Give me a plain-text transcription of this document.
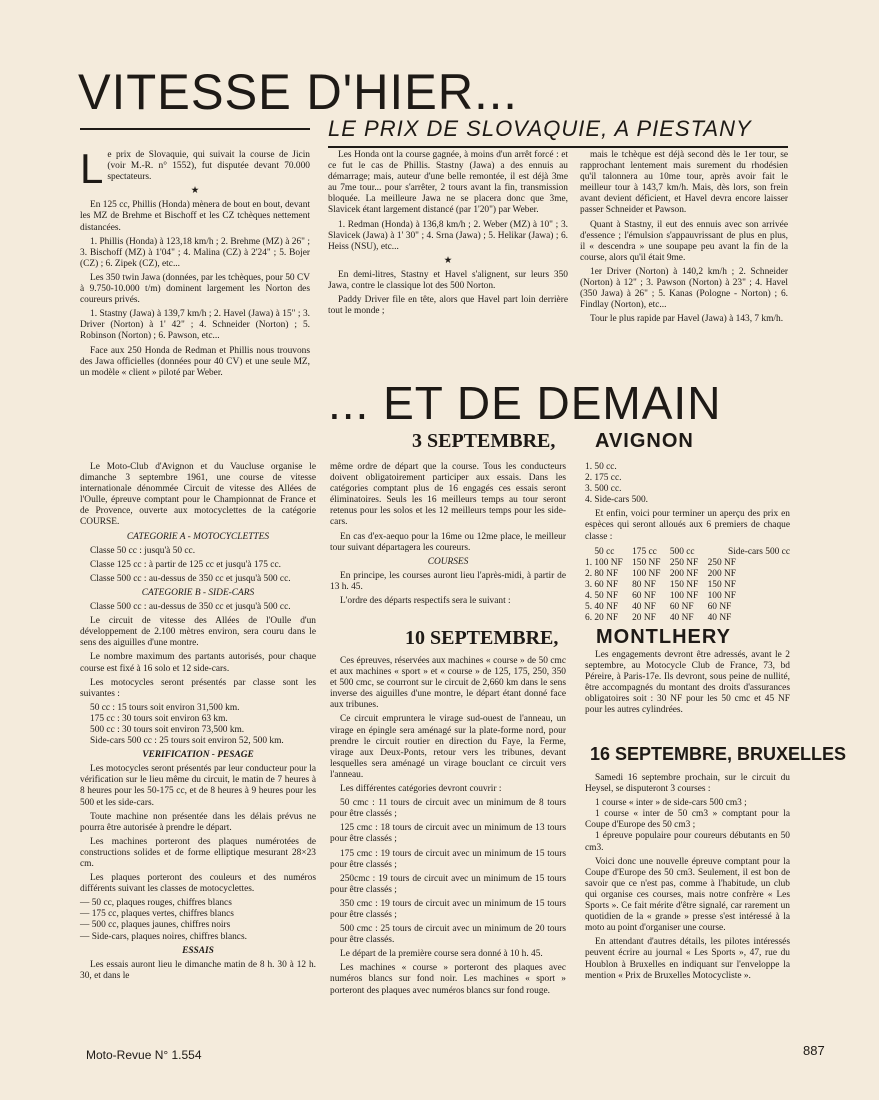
VITESSE D'HIER...
LE PRIX DE SLOVAQUIE, A PIESTANY

Le prix de Slovaquie, qui suivait la course de Jicin (voir M.-R. n° 1552), fut disputée devant 70.000 spectateurs.

★

En 125 cc, Phillis (Honda) mènera de bout en bout, devant les MZ de Brehme et Bischoff et les CZ tchèques nettement distancées.

1. Phillis (Honda) à 123,18 km/h ; 2. Brehme (MZ) à 26" ; 3. Bischoff (MZ) à 1'04" ; 4. Malina (CZ) à 2'24" ; 5. Bojer (CZ) ; 6. Zipek (CZ), etc...

Les 350 twin Jawa (données, par les tchèques, pour 50 CV à 9.750-10.000 t/m) dominent largement les Norton des coureurs privés.

1. Stastny (Jawa) à 139,7 km/h ; 2. Havel (Jawa) à 15" ; 3. Driver (Norton) à 1' 42" ; 4. Schneider (Norton) ; 5. Robinson (Norton) ; 6. Pawson, etc...

Face aux 250 Honda de Redman et Phillis nous trouvons des Jawa officielles (données pour 40 CV) et une seule MZ, un modèle « client » piloté par Weber.

Les Honda ont la course gagnée, à moins d'un arrêt forcé : et ce fut le cas de Phillis. Stastny (Jawa) a des ennuis au démarrage; mais, auteur d'une belle remontée, il est déjà 3me au 7me tour... pour s'arrêter, 2 tours avant la fin, transmission bloquée. La meilleure Jawa ne se placera donc que 3me, Slavicek étant largement distancé (par 1'20") par Weber.

1. Redman (Honda) à 136,8 km/h ; 2. Weber (MZ) à 10" ; 3. Slavicek (Jawa) à 1' 30" ; 4. Srna (Jawa) ; 5. Helikar (Jawa) ; 6. Heiss (NSU), etc...

★

En demi-litres, Stastny et Havel s'alignent, sur leurs 350 Jawa, contre le classique lot des 500 Norton.

Paddy Driver file en tête, alors que Havel part loin derrière tout le monde ;

mais le tchèque est déjà second dès le 1er tour, se rapprochant lentement mais surement du rhodésien qu'il talonnera au 10me tour, après avoir fait le meilleur tour à 143,7 km/h. Mais, dès lors, son frein avant devient déficient, et Havel devra encore laisser passer Schneider et Pawson.

Quant à Stastny, il eut des ennuis avec son arrivée d'essence ; l'émulsion s'appauvrissant de plus en plus, il « descendra » une soupape peu avant la fin de la course, alors qu'il était 9me.

1er Driver (Norton) à 140,2 km/h ; 2. Schneider (Norton) à 12" ; 3. Pawson (Norton) à 23" ; 4. Havel (350 Jawa) à 26" ; 5. Kanas (Pologne - Norton) ; 6. Findlay (Norton), etc...

Tour le plus rapide par Havel (Jawa) à 143, 7 km/h.

... ET DE DEMAIN
3 SEPTEMBRE, AVIGNON

Le Moto-Club d'Avignon et du Vaucluse organise le dimanche 3 septembre 1961, une course de vitesse internationale dénommée Circuit de vitesse des Allées de l'Oulle, épreuve comptant pour le Championnat de France et de Provence, ouverte aux motocyclettes de la catégorie COURSE.

CATEGORIE A - MOTOCYCLETTES

Classe 50 cc : jusqu'à 50 cc.

Classe 125 cc : à partir de 125 cc et jusqu'à 175 cc.

Classe 500 cc : au-dessus de 350 cc et jusqu'à 500 cc.

CATEGORIE B - SIDE-CARS

Classe 500 cc : au-dessus de 350 cc et jusqu'à 500 cc.

Le circuit de vitesse des Allées de l'Oulle d'un développement de 2.100 mètres environ, sera couru dans le sens des aiguilles d'une montre.

Le nombre maximum des partants autorisés, pour chaque course est fixé à 16 solo et 12 side-cars.

Les motocycles seront présentés par classe sont les suivantes :

50 cc : 15 tours soit environ 31,500 km.

175 cc : 30 tours soit environ 63 km.

500 cc : 30 tours soit environ 73,500 km.

Side-cars 500 cc : 25 tours soit environ 52, 500 km.

VERIFICATION - PESAGE

Les motocycles seront présentés par leur conducteur pour la vérification sur le lieu même du circuit, le matin de 7 heures à 8 heures pour les 50-175 cc, et de 8 heures à 9 heures pour les 500 et les side-cars.

Toute machine non présentée dans les délais prévus ne pourra être autorisée à prendre le départ.

Les machines porteront des plaques numérotées de constructions solides et de forme elliptique mesurant 28×23 cm.

Les plaques porteront des couleurs et des numéros différents suivant les classes de motocyclettes.

— 50 cc, plaques rouges, chiffres blancs

— 175 cc, plaques vertes, chiffres blancs

— 500 cc, plaques jaunes, chiffres noirs

— Side-cars, plaques noires, chiffres blancs.

ESSAIS

Les essais auront lieu le dimanche matin de 8 h. 30 à 12 h. 30, et dans le

même ordre de départ que la course. Tous les conducteurs doivent obligatoirement participer aux essais. Dans les catégories comptant plus de 16 engagés ces essais seront éliminatoires. Seuls les 16 meilleurs temps au tour seront retenus pour les solos et les 12 meilleurs temps pour les side-cars.

En cas d'ex-aequo pour la 16me ou 12me place, le meilleur tour suivant départagera les coureurs.

COURSES

En principe, les courses auront lieu l'après-midi, à partir de 13 h. 45.

L'ordre des départs respectifs sera le suivant :

1. 50 cc.

2. 175 cc.

3. 500 cc.

4. Side-cars 500.

Et enfin, voici pour terminer un aperçu des prix en espèces qui seront alloués aux 6 premiers de chaque classe :

	50 cc	175 cc	500 cc	Side-cars 500 cc
1.	100 NF	150 NF	250 NF	250 NF
2.	80 NF	100 NF	200 NF	200 NF
3.	60 NF	80 NF	150 NF	150 NF
4.	50 NF	60 NF	100 NF	100 NF
5.	40 NF	40 NF	60 NF	60 NF
6.	20 NF	20 NF	40 NF	40 NF
10 SEPTEMBRE, MONTLHERY

Ces épreuves, réservées aux machines « course » de 50 cmc et aux machines « sport » et « course » de 125, 175, 250, 350 et 500 cmc, se courront sur le circuit de 2,660 km dans le sens inverse des aiguilles d'une montre, le départ étant donné face aux tribunes.

Ce circuit empruntera le virage sud-ouest de l'anneau, un virage en épingle sera aménagé sur la plate-forme nord, pour prendre le circuit routier en direction du Faye, la Ferme, virage aux Deux-Ponts, retour vers les tribunes, devant lesquelles sera aménagé un virage bouclant ce circuit vers l'anneau.

Les différentes catégories devront couvrir :

50 cmc : 11 tours de circuit avec un minimum de 8 tours pour être classés ;

125 cmc : 18 tours de circuit avec un minimum de 13 tours pour être classés ;

175 cmc : 19 tours de circuit avec un minimum de 15 tours pour être classés ;

250cmc : 19 tours de circuit avec un minimum de 15 tours pour être classés ;

350 cmc : 19 tours de circuit avec un minimum de 15 tours pour être classés ;

500 cmc : 25 tours de circuit avec un minimum de 20 tours pour être classés.

Le départ de la première course sera donné à 10 h. 45.

Les machines « course » porteront des plaques avec numéros blancs sur fond noir. Les machines « sport » porteront des plaques avec numéros blancs sur fond rouge.

Les engagements devront être adressés, avant le 2 septembre, au Motocycle Club de France, 73, bd Péreire, à Paris-17e. Ils devront, sous peine de nullité, être accompagnés du montant des droits d'assurances obligatoires soit : 30 NF pour les 50 cmc et 45 NF pour les autres cylindrées.

16 SEPTEMBRE, BRUXELLES

Samedi 16 septembre prochain, sur le circuit du Heysel, se disputeront 3 courses :

1 course « inter » de side-cars 500 cm3 ;

1 course « inter de 50 cm3 » comptant pour la Coupe d'Europe des 50 cm3 ;

1 épreuve populaire pour coureurs débutants en 50 cm3.

Voici donc une nouvelle épreuve comptant pour la Coupe d'Europe des 50 cm3. Seulement, il est bon de savoir que ce n'est pas, comme à l'habitude, un club qui organise ces courses, mais notre confrère « Les Sports ». Ce fait mérite d'être signalé, car rarement un quotidien de la « grande » presse s'est intéressé à la moto au point d'organiser une course.

En attendant d'autres détails, les pilotes intéressés peuvent écrire au journal « Les Sports », 47, rue du Houblon à Bruxelles en indiquant sur l'enveloppe la mention « Prix de Bruxelles Motocycliste ».

Moto-Revue N° 1.554	887
